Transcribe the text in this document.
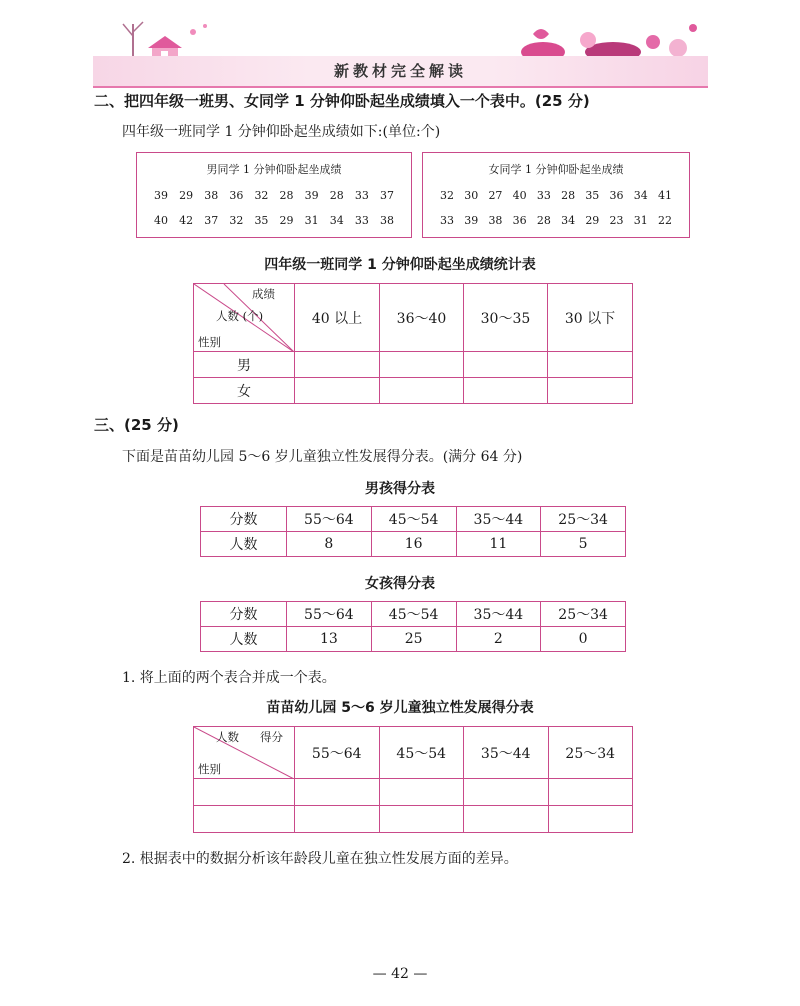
新教材完全解读
二、把四年级一班男、女同学 1 分钟仰卧起坐成绩填入一个表中。(25 分)
四年级一班同学 1 分钟仰卧起坐成绩如下:(单位:个)
男同学 1 分钟仰卧起坐成绩
39	29	38	36	32	28	39	28	33	37
40	42	37	32	35	29	31	34	33	38
女同学 1 分钟仰卧起坐成绩
32 30 27 40 33 28 35 36 34 41
33 39 38 36 28 34 29 23 31 22
四年级一班同学 1 分钟仰卧起坐成绩统计表
成绩
人数 (个)
性别	40 以上	36～40	30～35	30 以下
男				
女				
三、(25 分)
下面是苗苗幼儿园 5～6 岁儿童独立性发展得分表。(满分 64 分)
男孩得分表
分数	55～64	45～54	35～44	25～34
人数	8	16	11	5
女孩得分表
分数	55～64	45～54	35～44	25～34
人数	13	25	2	0
1. 将上面的两个表合并成一个表。
苗苗幼儿园 5～6 岁儿童独立性发展得分表
人数 得分
性别	55～64	45～54	35～44	25～34

2. 根据表中的数据分析该年龄段儿童在独立性发展方面的差异。
— 42 —
